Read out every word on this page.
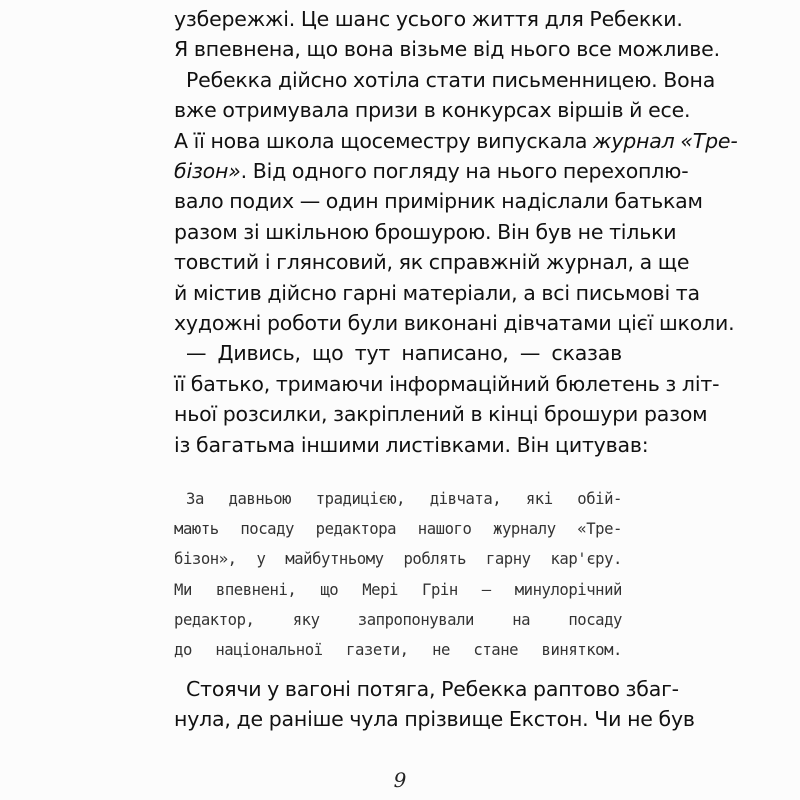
узбережжі. Це шанс усього життя для Ребекки.
Я впевнена, що вона візьме від нього все можливе.
Ребекка дійсно хотіла стати письменницею. Вона
вже отримувала призи в конкурсах віршів й есе.
А її нова школа щосеместру випускала журнал «Тре-
бізон». Від одного погляду на нього перехоплю-
вало подих — один примірник надіслали батькам
разом зі шкільною брошурою. Він був не тільки
товстий і глянсовий, як справжній журнал, а ще
й містив дійсно гарні матеріали, а всі письмові та
художні роботи були виконані дівчатами цієї школи.
— Дивись, що тут написано, — сказав
її батько, тримаючи інформаційний бюлетень з літ-
ньої розсилки, закріплений в кінці брошури разом
із багатьма іншими листівками. Він цитував:
За давньою традицією, дівчата, які обій-
мають посаду редактора нашого журналу «Тре-
бізон», у майбутньому роблять гарну кар'єру.
Ми впевнені, що Мері Грін — минулорічний
редактор, яку запропонували на посаду
до національної газети, не стане винятком.
Стоячи у вагоні потяга, Ребекка раптово збаг-
нула, де раніше чула прізвище Екстон. Чи не був
9
